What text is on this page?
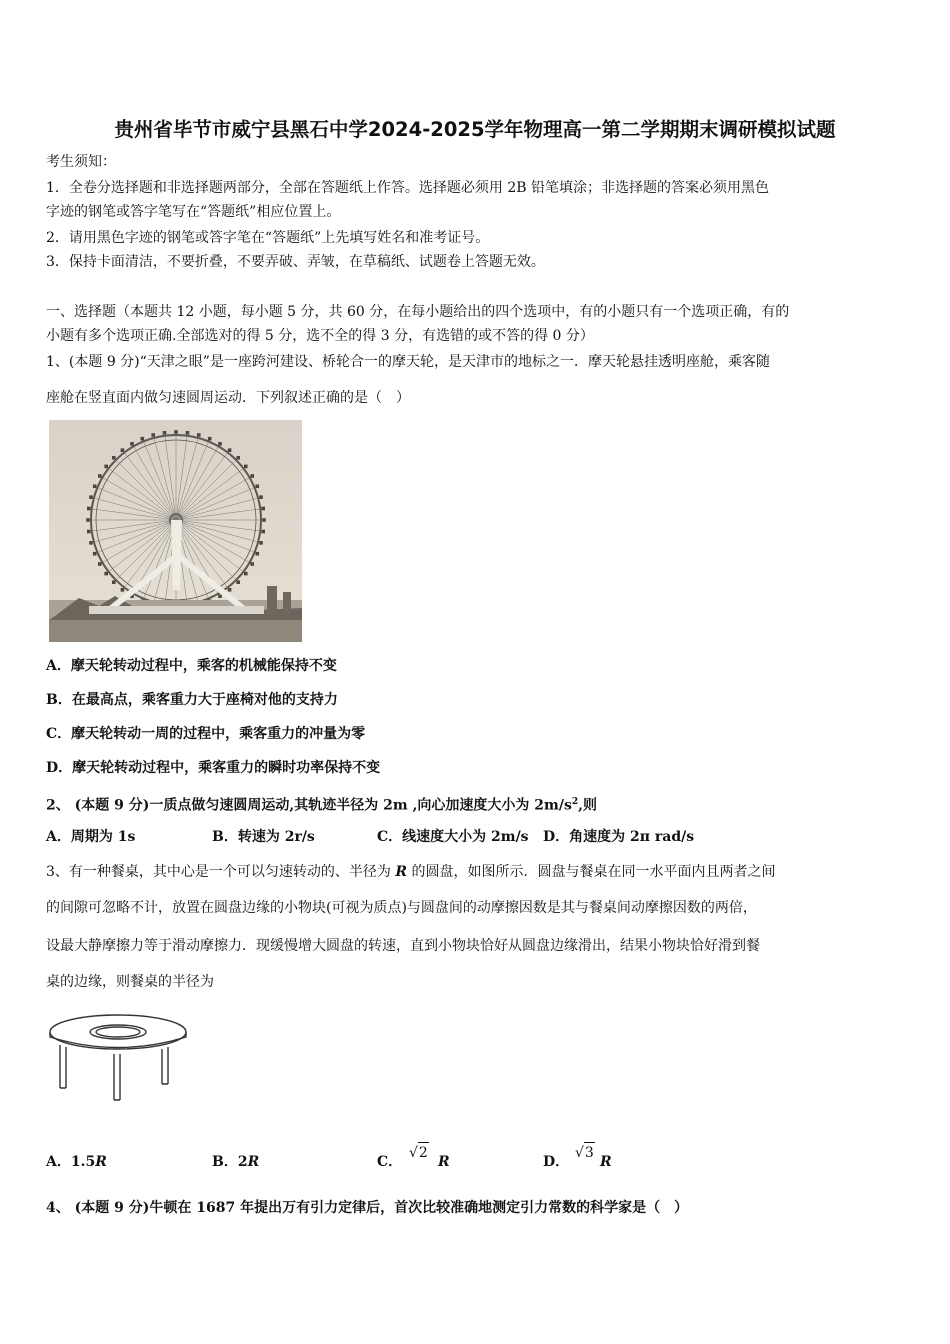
贵州省毕节市威宁县黑石中学2024-2025学年物理高一第二学期期末调研模拟试题
考生须知：
1．全卷分选择题和非选择题两部分，全部在答题纸上作答。选择题必须用 2B 铅笔填涂；非选择题的答案必须用黑色
字迹的钢笔或答字笔写在“答题纸”相应位置上。
2．请用黑色字迹的钢笔或答字笔在“答题纸”上先填写姓名和准考证号。
3．保持卡面清洁，不要折叠，不要弄破、弄皱，在草稿纸、试题卷上答题无效。
一、选择题（本题共 12 小题，每小题 5 分，共 60 分，在每小题给出的四个选项中，有的小题只有一个选项正确，有的
小题有多个选项正确.全部选对的得 5 分，选不全的得 3 分，有选错的或不答的得 0 分）
1、(本题 9 分)“天津之眼”是一座跨河建设、桥轮合一的摩天轮，是天津市的地标之一．摩天轮悬挂透明座舱，乘客随
座舱在竖直面内做匀速圆周运动．下列叙述正确的是（　）
A．摩天轮转动过程中，乘客的机械能保持不变
B．在最高点，乘客重力大于座椅对他的支持力
C．摩天轮转动一周的过程中，乘客重力的冲量为零
D．摩天轮转动过程中，乘客重力的瞬时功率保持不变
2、 (本题 9 分)一质点做匀速圆周运动,其轨迹半径为 2m ,向心加速度大小为 $2m/s^2$,则
A．周期为 1s	B．转速为 2r/s	C．线速度大小为 2m/s D．角速度为 2π rad/s
3、有一种餐桌，其中心是一个可以匀速转动的、半径为 R 的圆盘，如图所示．圆盘与餐桌在同一水平面内且两者之间
的间隙可忽略不计，放置在圆盘边缘的小物块(可视为质点)与圆盘间的动摩擦因数是其与餐桌间动摩擦因数的两倍，
设最大静摩擦力等于滑动摩擦力．现缓慢增大圆盘的转速，直到小物块恰好从圆盘边缘滑出，结果小物块恰好滑到餐
桌的边缘，则餐桌的半径为
A．1.5R	B．2R	C．
√2
R	D．
√3
R
4、 (本题 9 分)牛顿在 1687 年提出万有引力定律后，首次比较准确地测定引力常数的科学家是（　）
